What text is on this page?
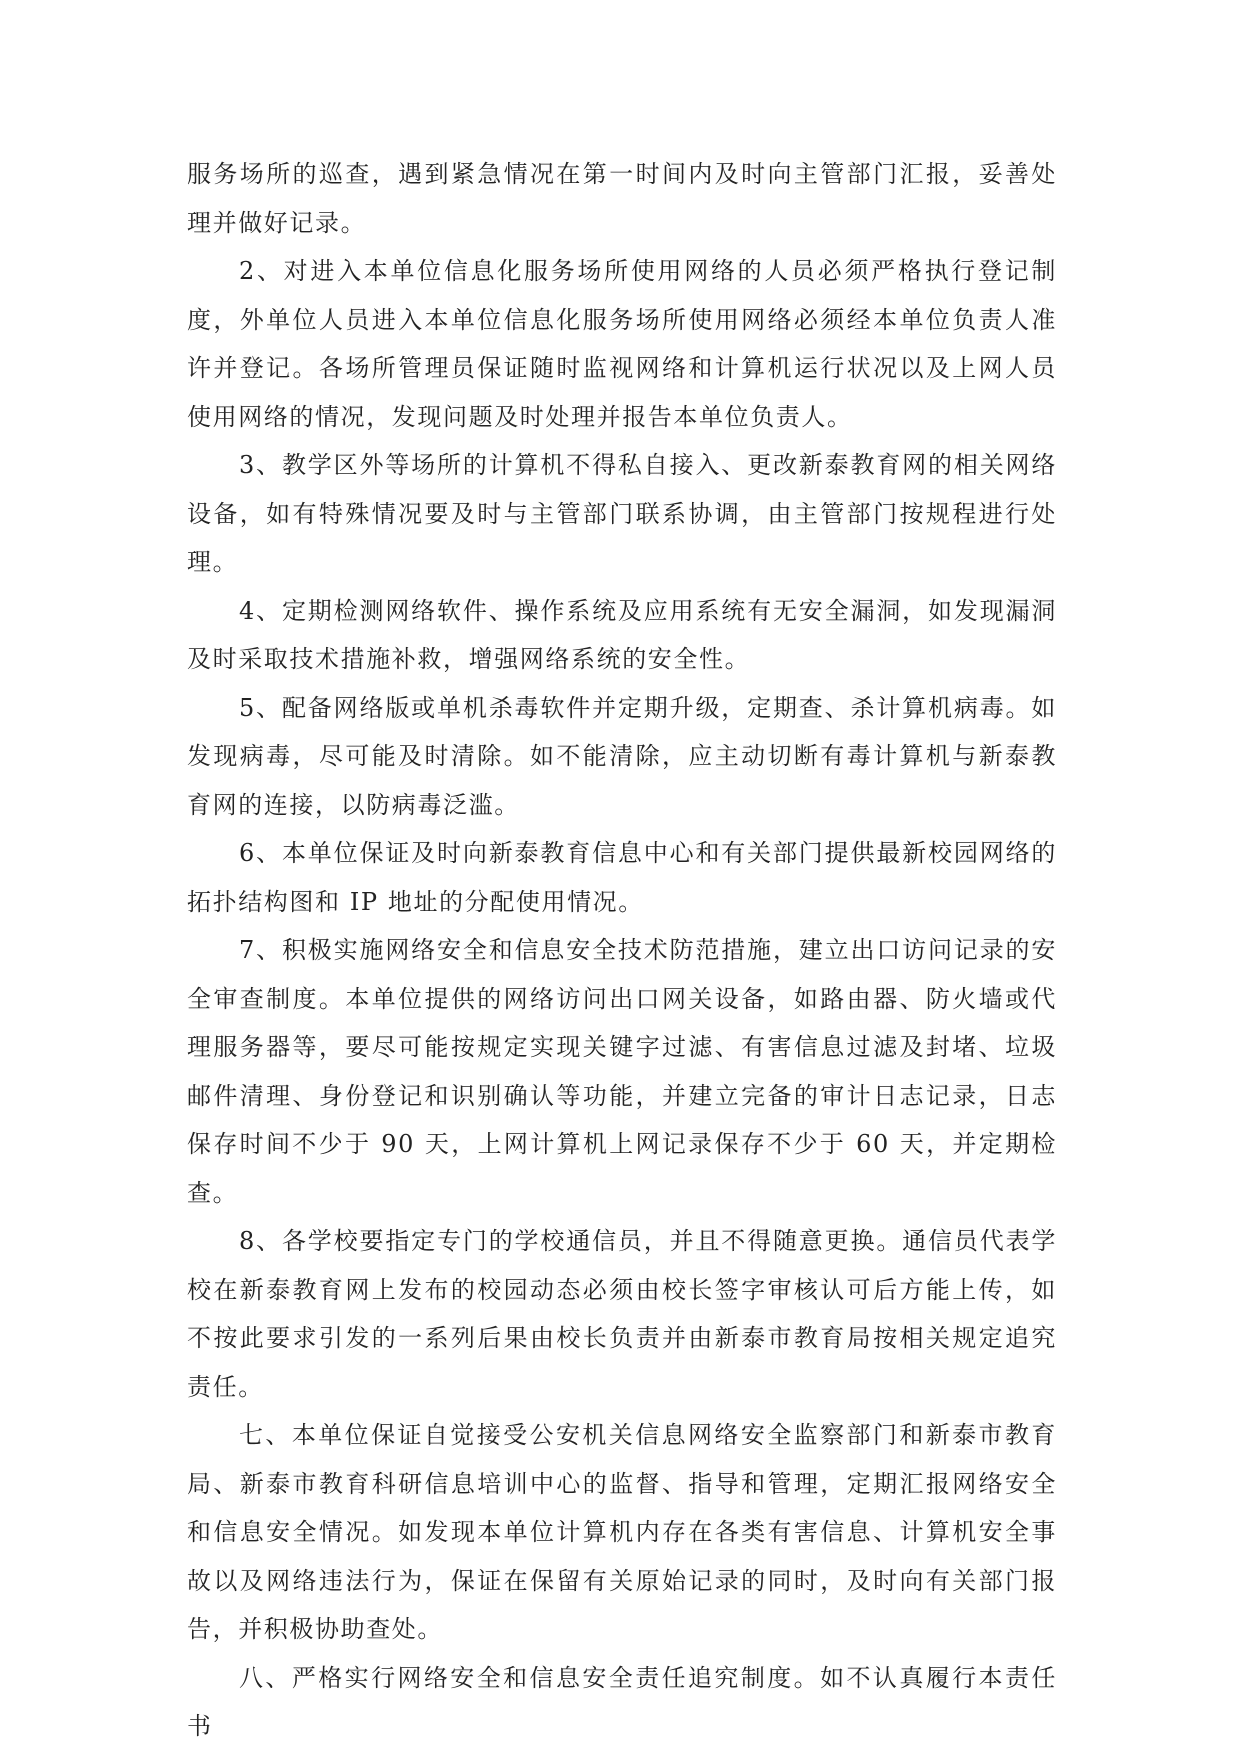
服务场所的巡查，遇到紧急情况在第一时间内及时向主管部门汇报，妥善处理并做好记录。

2、对进入本单位信息化服务场所使用网络的人员必须严格执行登记制度，外单位人员进入本单位信息化服务场所使用网络必须经本单位负责人准许并登记。各场所管理员保证随时监视网络和计算机运行状况以及上网人员使用网络的情况，发现问题及时处理并报告本单位负责人。

3、教学区外等场所的计算机不得私自接入、更改新泰教育网的相关网络设备，如有特殊情况要及时与主管部门联系协调，由主管部门按规程进行处理。

4、定期检测网络软件、操作系统及应用系统有无安全漏洞，如发现漏洞及时采取技术措施补救，增强网络系统的安全性。

5、配备网络版或单机杀毒软件并定期升级，定期查、杀计算机病毒。如发现病毒，尽可能及时清除。如不能清除，应主动切断有毒计算机与新泰教育网的连接，以防病毒泛滥。

6、本单位保证及时向新泰教育信息中心和有关部门提供最新校园网络的拓扑结构图和 IP 地址的分配使用情况。

7、积极实施网络安全和信息安全技术防范措施，建立出口访问记录的安全审查制度。本单位提供的网络访问出口网关设备，如路由器、防火墙或代理服务器等，要尽可能按规定实现关键字过滤、有害信息过滤及封堵、垃圾邮件清理、身份登记和识别确认等功能，并建立完备的审计日志记录，日志保存时间不少于 90 天，上网计算机上网记录保存不少于 60 天，并定期检查。

8、各学校要指定专门的学校通信员，并且不得随意更换。通信员代表学校在新泰教育网上发布的校园动态必须由校长签字审核认可后方能上传，如不按此要求引发的一系列后果由校长负责并由新泰市教育局按相关规定追究责任。

七、本单位保证自觉接受公安机关信息网络安全监察部门和新泰市教育局、新泰市教育科研信息培训中心的监督、指导和管理，定期汇报网络安全和信息安全情况。如发现本单位计算机内存在各类有害信息、计算机安全事故以及网络违法行为，保证在保留有关原始记录的同时，及时向有关部门报告，并积极协助查处。

八、严格实行网络安全和信息安全责任追究制度。如不认真履行本责任书
